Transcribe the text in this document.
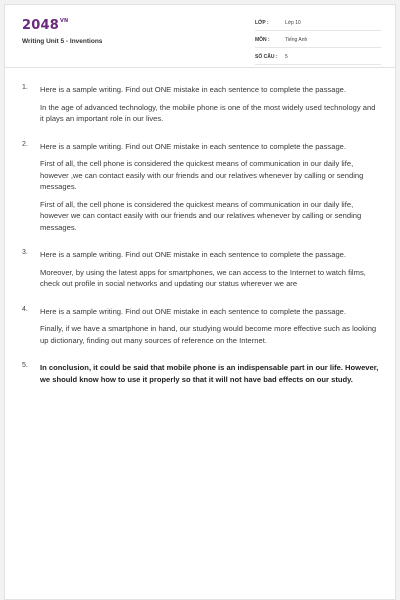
$2048^{VN}$
Writing Unit 5 - Inventions
LỚP :	Lớp 10
MÔN :	Tiếng Anh
SỐ CÂU : 5
1. Here is a sample writing. Find out ONE mistake in each sentence to complete the passage.
In the age of advanced technology, the mobile phone is one of the most widely used technology and it plays an important role in our lives.
2. Here is a sample writing. Find out ONE mistake in each sentence to complete the passage.
First of all, the cell phone is considered the quickest means of communication in our daily life, however ,we can contact easily with our friends and our relatives whenever by calling or sending messages.
First of all, the cell phone is considered the quickest means of communication in our daily life, however we can contact easily with our friends and our relatives whenever by calling or sending messages.
3. Here is a sample writing. Find out ONE mistake in each sentence to complete the passage.
Moreover, by using the latest apps for smartphones, we can access to the Internet to watch films, check out profile in social networks and updating our status wherever we are
4. Here is a sample writing. Find out ONE mistake in each sentence to complete the passage.
Finally, if we have a smartphone in hand, our studying would become more effective such as looking up dictionary, finding out many sources of reference on the Internet.
5. In conclusion, it could be said that mobile phone is an indispensable part in our life. However, we should know how to use it properly so that it will not have bad effects on our study.
